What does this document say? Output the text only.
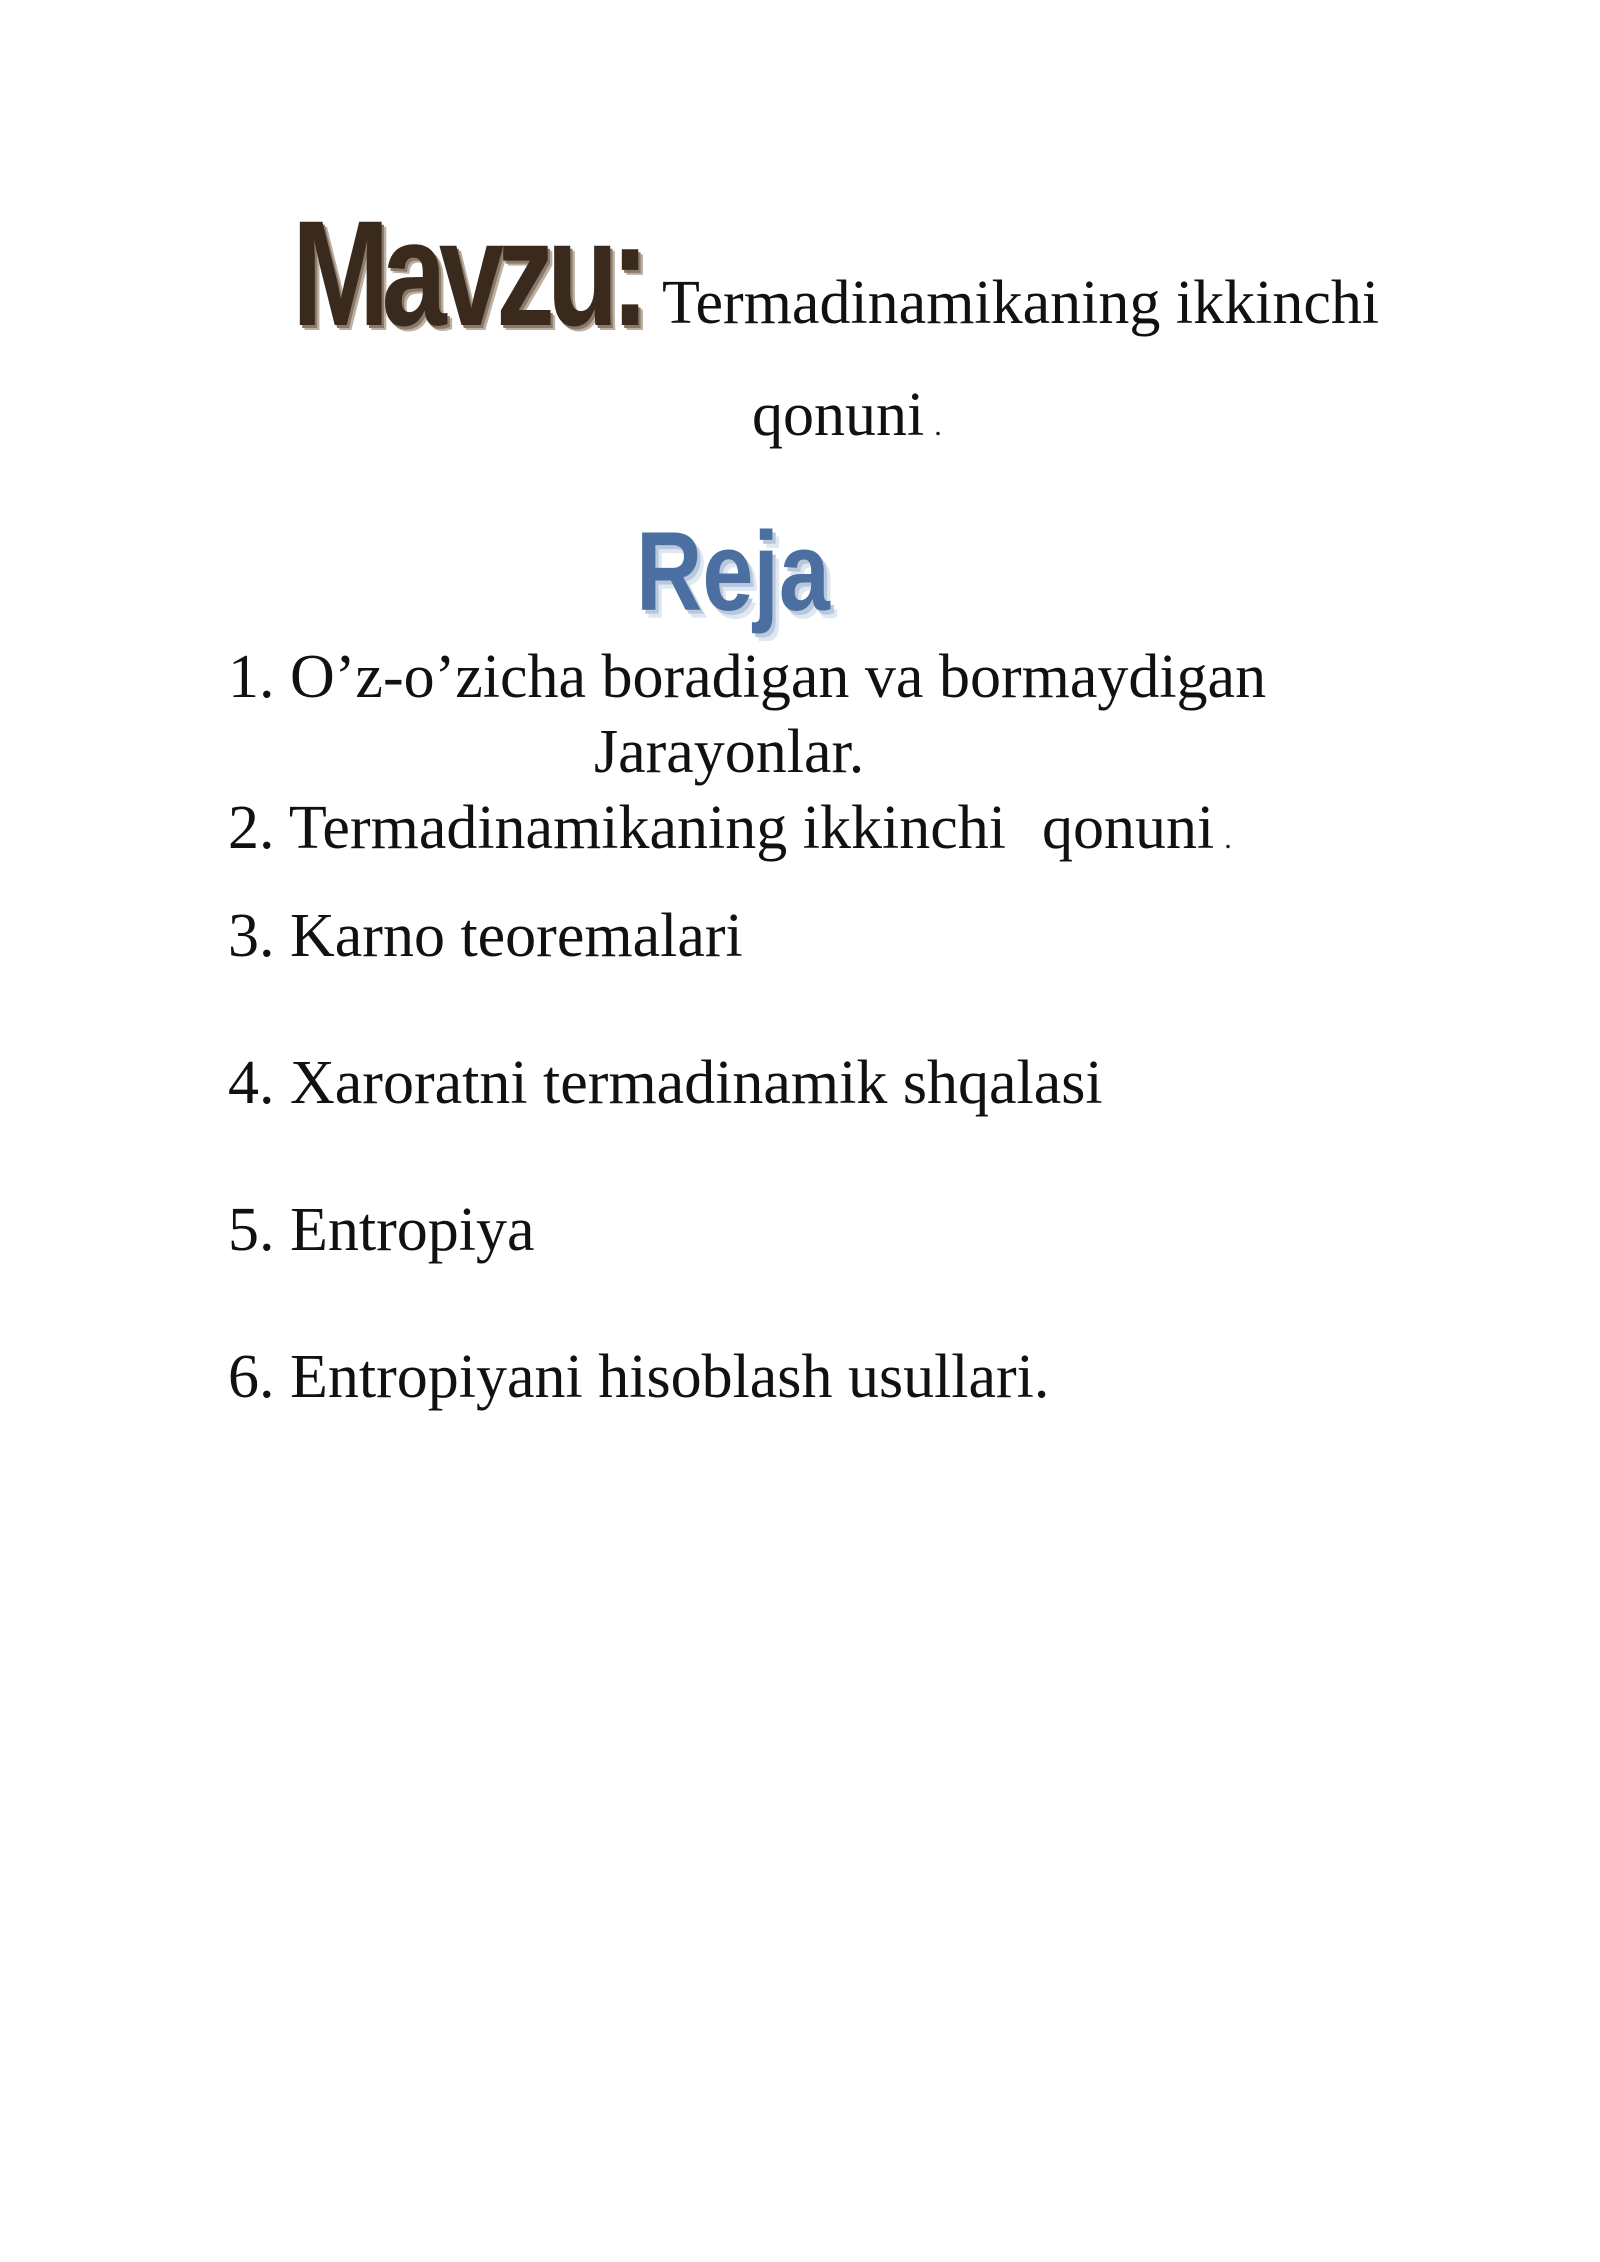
Mavzu: Termadinamikaning ikkinchi
qonuni .
Reja
1. O’z-o’zicha boradigan va bormaydigan
Jarayonlar.
2. Termadinamikaning ikkinchi qonuni .
3. Karno teoremalari
4. Xaroratni termadinamik shqalasi
5. Entropiya
6. Entropiyani hisoblash usullari.
